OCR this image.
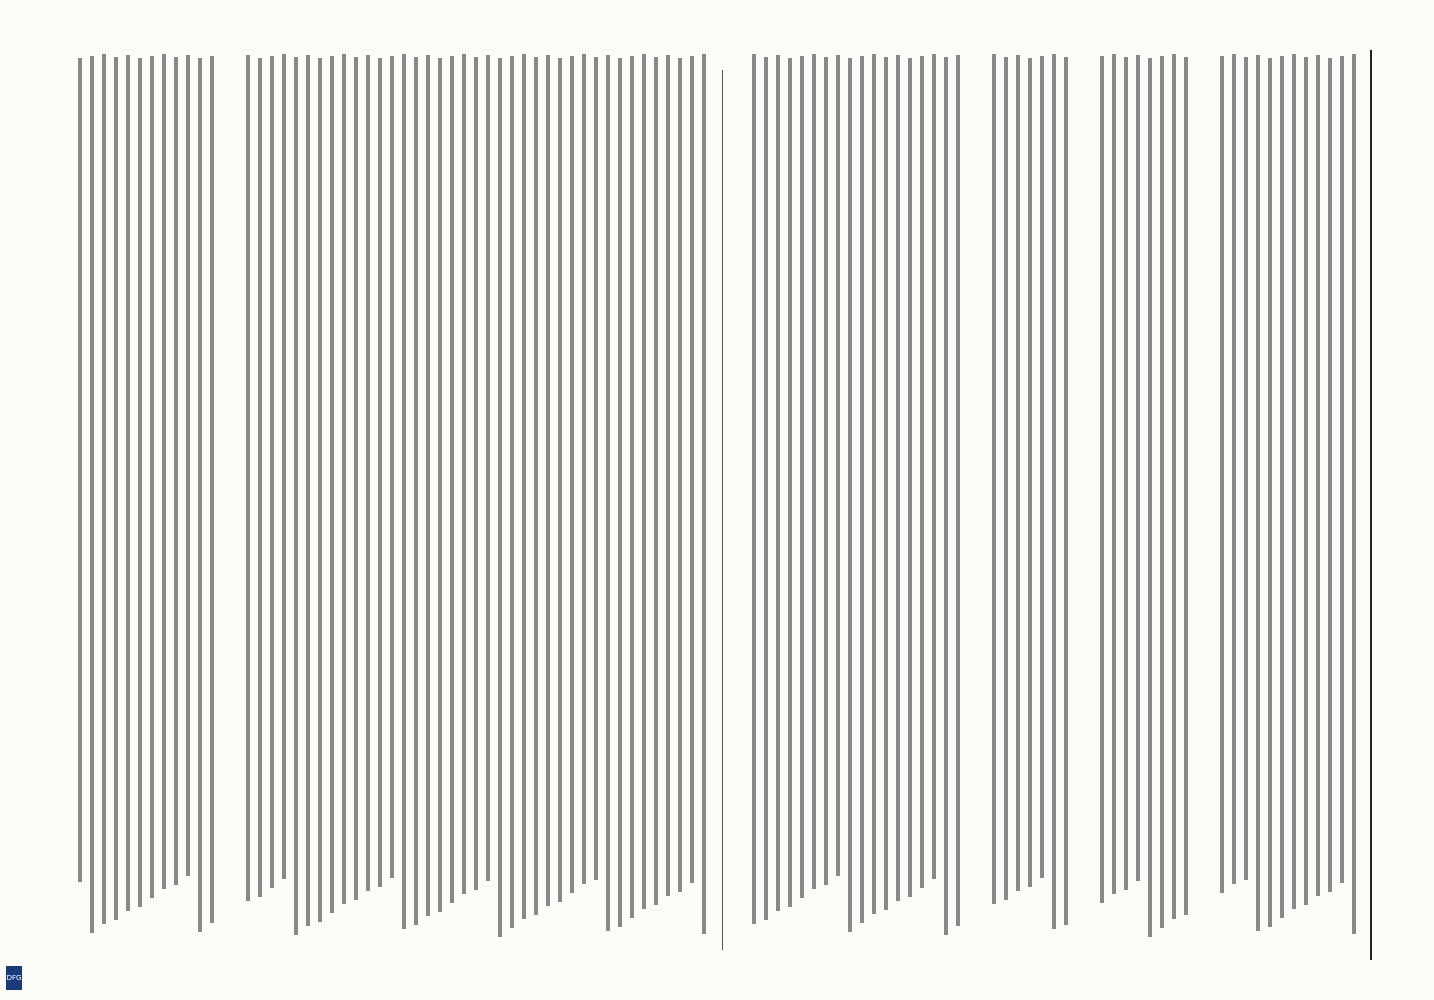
DFG
